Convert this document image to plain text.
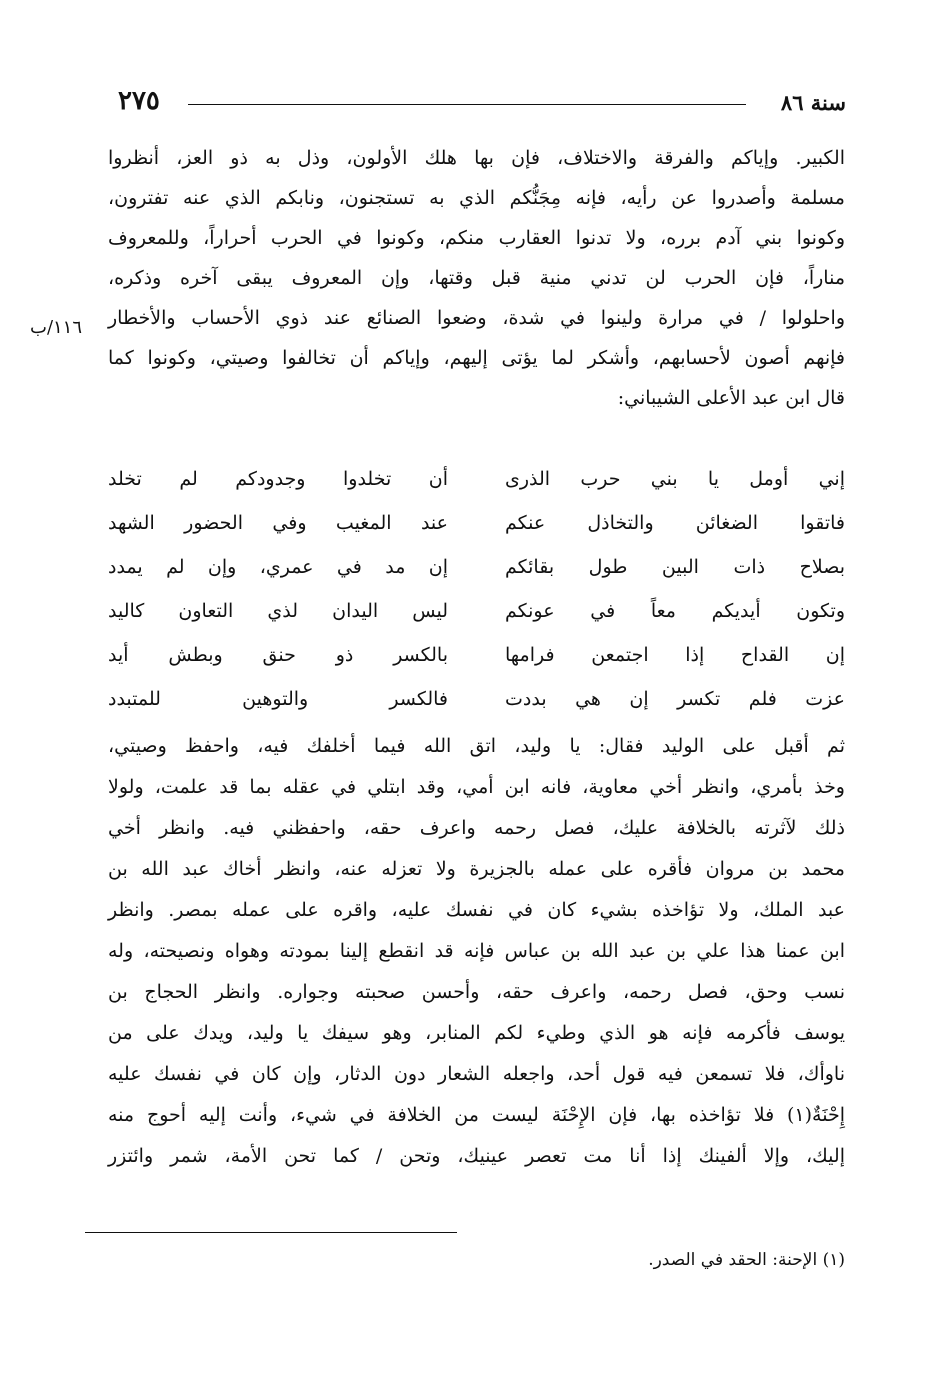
سنة ٨٦
٢٧٥
الكبير. وإياكم والفرقة والاختلاف، فإن بها هلك الأولون، وذل به ذو العز، أنظروا
مسلمة وأصدروا عن رأيه، فإنه مِجَنُّكم الذي به تستجنون، ونابكم الذي عنه تفترون،
وكونوا بني آدم برره، ولا تدنوا العقارب منكم، وكونوا في الحرب أحراراً، وللمعروف
مناراً، فإن الحرب لن تدني منية قبل وقتها، وإن المعروف يبقى آخره وذكره،
واحلولوا / في مرارة ولينوا في شدة، وضعوا الصنائع عند ذوي الأحساب والأخطار
فإنهم أصون لأحسابهم، وأشكر لما يؤتى إليهم، وإياكم أن تخالفوا وصيتي، وكونوا كما
قال ابن عبد الأعلى الشيباني:
١١٦/ب
إني أومل يا بني حرب الذرى
أن تخلدوا وجدودكم لم تخلد
فاتقوا الضغائن والتخاذل عنكم
عند المغيب وفي الحضور الشهد
بصلاح ذات البين طول بقائكم
إن مد في عمري، وإن لم يمدد
وتكون أيديكم معاً في عونكم
ليس اليدان لذي التعاون كاليد
إن القداح إذا اجتمعن فرامها
بالكسر ذو حنق وبطش أيد
عزت فلم تكسر إن هي بددت
فالكسر والتوهين للمتبدد
ثم أقبل على الوليد فقال: يا وليد، اتق الله فيما أخلفك فيه، واحفظ وصيتي،
وخذ بأمري، وانظر أخي معاوية، فانه ابن أمي، وقد ابتلي في عقله بما قد علمت، ولولا
ذلك لآثرته بالخلافة عليك، فصل رحمه واعرف حقه، واحفظني فيه. وانظر أخي
محمد بن مروان فأقره على عمله بالجزيرة ولا تعزله عنه، وانظر أخاك عبد الله بن
عبد الملك، ولا تؤاخذه بشيء كان في نفسك عليه، واقره على عمله بمصر. وانظر
ابن عمنا هذا علي بن عبد الله بن عباس فإنه قد انقطع إلينا بمودته وهواه ونصيحته، وله
نسب وحق، فصل رحمه، واعرف حقه، وأحسن صحبته وجواره. وانظر الحجاج بن
يوسف فأكرمه فإنه هو الذي وطيء لكم المنابر، وهو سيفك يا وليد، ويدك على من
ناوأك، فلا تسمعن فيه قول أحد، واجعله الشعار دون الدثار، وإن كان في نفسك عليه
إِحْنَةٌ(١) فلا تؤاخذه بها، فإن الإِحْنَة ليست من الخلافة في شيء، وأنت إليه أحوج منه
إليك، وإلا ألفينك إذا أنا مت تعصر عينيك، وتحن / كما تحن الأمة، شمر وائتزر
(١) الإحنة: الحقد في الصدر.
